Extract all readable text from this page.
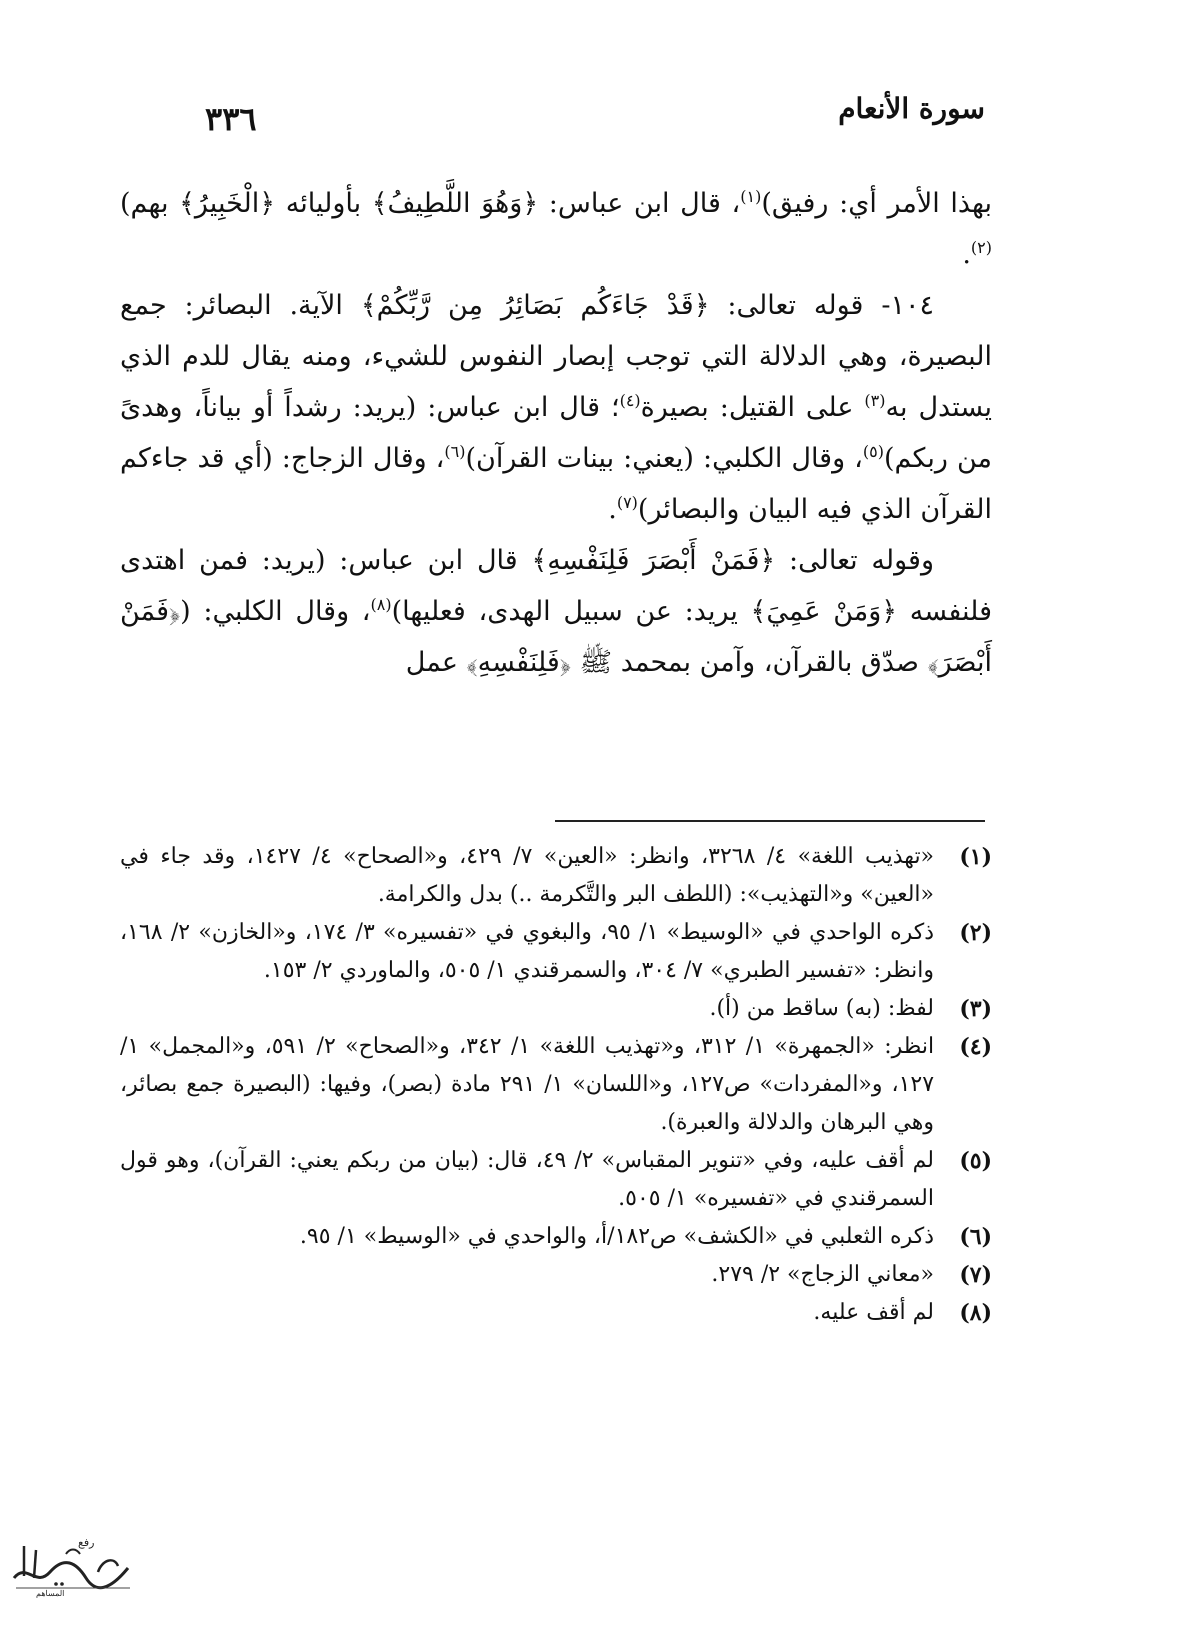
سورة الأنعام
٣٣٦

بهذا الأمر أي: رفيق)$^{(١)}$، قال ابن عباس: ﴿وَهُوَ اللَّطِيفُ﴾ بأوليائه ﴿الْخَبِيرُ﴾ بهم)$^{(٢)}$.

١٠٤- قوله تعالى: ﴿قَدْ جَاءَكُم بَصَائِرُ مِن رَّبِّكُمْ﴾ الآية. البصائر: جمع البصيرة، وهي الدلالة التي توجب إبصار النفوس للشيء، ومنه يقال للدم الذي يستدل به$^{(٣)}$ على القتيل: بصيرة$^{(٤)}$؛ قال ابن عباس: (يريد: رشداً أو بياناً، وهدىً من ربكم)$^{(٥)}$، وقال الكلبي: (يعني: بينات القرآن)$^{(٦)}$، وقال الزجاج: (أي قد جاءكم القرآن الذي فيه البيان والبصائر)$^{(٧)}$.

وقوله تعالى: ﴿فَمَنْ أَبْصَرَ فَلِنَفْسِهِ﴾ قال ابن عباس: (يريد: فمن اهتدى فلنفسه ﴿وَمَنْ عَمِيَ﴾ يريد: عن سبيل الهدى، فعليها)$^{(٨)}$، وقال الكلبي: (﴿فَمَنْ أَبْصَرَ﴾ صدّق بالقرآن، وآمن بمحمد ﷺ ﴿فَلِنَفْسِهِ﴾ عمل

(١)
«تهذيب اللغة» ٤/ ٣٢٦٨، وانظر: «العين» ٧/ ٤٢٩، و«الصحاح» ٤/ ١٤٢٧، وقد جاء في «العين» و«التهذيب»: (اللطف البر والتَّكرمة ..) بدل والكرامة.
(٢)
ذكره الواحدي في «الوسيط» ١/ ٩٥، والبغوي في «تفسيره» ٣/ ١٧٤، و«الخازن» ٢/ ١٦٨، وانظر: «تفسير الطبري» ٧/ ٣٠٤، والسمرقندي ١/ ٥٠٥، والماوردي ٢/ ١٥٣.
(٣)
لفظ: (به) ساقط من (أ).
(٤)
انظر: «الجمهرة» ١/ ٣١٢، و«تهذيب اللغة» ١/ ٣٤٢، و«الصحاح» ٢/ ٥٩١، و«المجمل» ١/ ١٢٧، و«المفردات» ص١٢٧، و«اللسان» ١/ ٢٩١ مادة (بصر)، وفيها: (البصيرة جمع بصائر، وهي البرهان والدلالة والعبرة).
(٥)
لم أقف عليه، وفي «تنوير المقباس» ٢/ ٤٩، قال: (بيان من ربكم يعني: القرآن)، وهو قول السمرقندي في «تفسيره» ١/ ٥٠٥.
(٦)
ذكره الثعلبي في «الكشف» ص١٨٢/أ، والواحدي في «الوسيط» ١/ ٩٥.
(٧)
«معاني الزجاج» ٢/ ٢٧٩.
(٨)
لم أقف عليه.
رفع
المساهم
